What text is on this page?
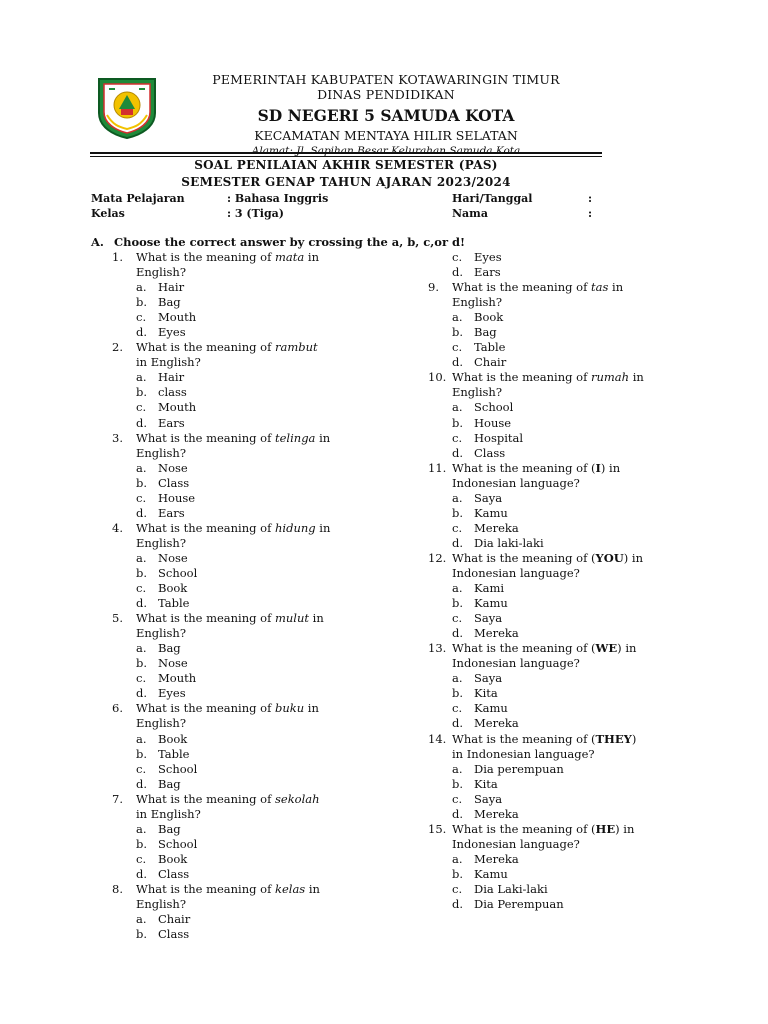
PEMERINTAH KABUPATEN KOTAWARINGIN TIMUR
DINAS PENDIDIKAN
SD NEGERI 5 SAMUDA KOTA
KECAMATAN MENTAYA HILIR SELATAN
Alamat: Jl. Sapihan Besar Kelurahan Samuda Kota
SOAL PENILAIAN AKHIR SEMESTER (PAS)
SEMESTER GENAP TAHUN AJARAN 2023/2024
Mata Pelajaran	: Bahasa Inggris
Kelas	: 3 (Tiga)
Hari/Tanggal	:
Nama	:
A. Choose the correct answer by crossing the a, b, c,or d!
1. What is the meaning of mata in
English?
a. Hair
b. Bag
c. Mouth
d. Eyes
2. What is the meaning of rambut
in English?
a. Hair
b. class
c. Mouth
d. Ears
3. What is the meaning of telinga in
English?
a. Nose
b. Class
c. House
d. Ears
4. What is the meaning of hidung in
English?
a. Nose
b. School
c. Book
d. Table
5. What is the meaning of mulut in
English?
a. Bag
b. Nose
c. Mouth
d. Eyes
6. What is the meaning of buku in
English?
a. Book
b. Table
c. School
d. Bag
7. What is the meaning of sekolah
in English?
a. Bag
b. School
c. Book
d. Class
8. What is the meaning of kelas in
English?
a. Chair
b. Class
c. Eyes
d. Ears
9. What is the meaning of tas in
English?
a. Book
b. Bag
c. Table
d. Chair
10. What is the meaning of rumah in
English?
a. School
b. House
c. Hospital
d. Class
11. What is the meaning of (I) in
Indonesian language?
a. Saya
b. Kamu
c. Mereka
d. Dia laki-laki
12. What is the meaning of (YOU) in
Indonesian language?
a. Kami
b. Kamu
c. Saya
d. Mereka
13. What is the meaning of (WE) in
Indonesian language?
a. Saya
b. Kita
c. Kamu
d. Mereka
14. What is the meaning of (THEY)
in Indonesian language?
a. Dia perempuan
b. Kita
c. Saya
d. Mereka
15. What is the meaning of (HE) in
Indonesian language?
a. Mereka
b. Kamu
c. Dia Laki-laki
d. Dia Perempuan
